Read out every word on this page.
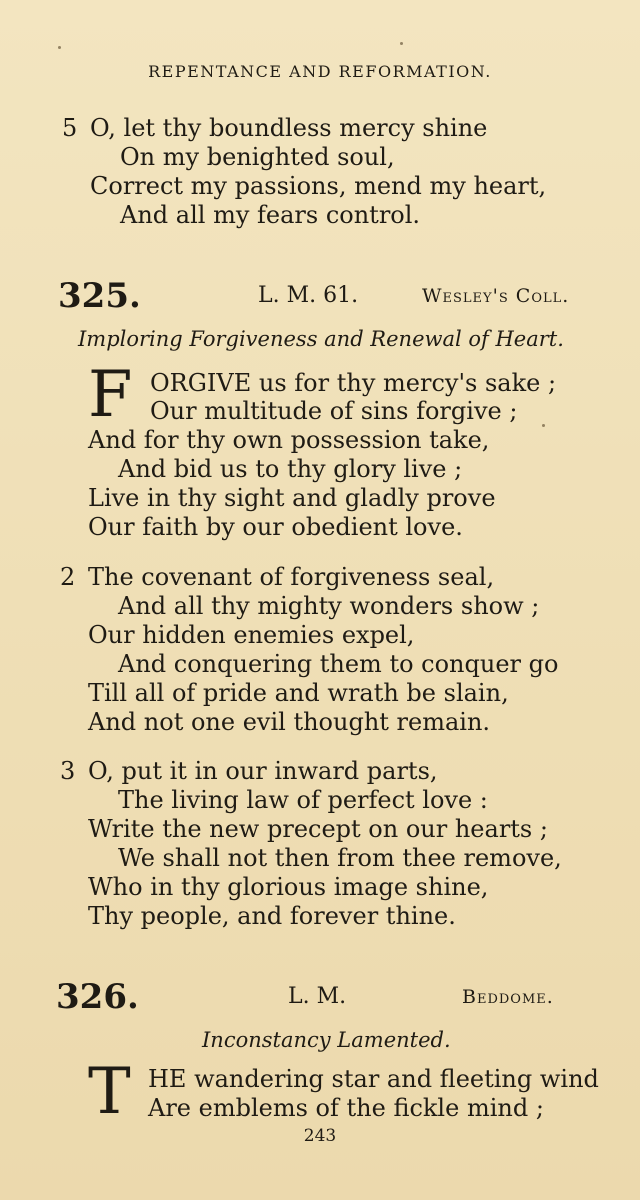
REPENTANCE AND REFORMATION.
5 O, let thy boundless mercy shine
On my benighted soul,
Correct my passions, mend my heart,
And all my fears control.
325.	L. M. 61.	Wesley's Coll.
Imploring Forgiveness and Renewal of Heart.
F ORGIVE us for thy mercy's sake ;
Our multitude of sins forgive ;
And for thy own possession take,
And bid us to thy glory live ;
Live in thy sight and gladly prove
Our faith by our obedient love.
2 The covenant of forgiveness seal,
And all thy mighty wonders show ;
Our hidden enemies expel,
And conquering them to conquer go
Till all of pride and wrath be slain,
And not one evil thought remain.
3 O, put it in our inward parts,
The living law of perfect love :
Write the new precept on our hearts ;
We shall not then from thee remove,
Who in thy glorious image shine,
Thy people, and forever thine.
326.	L. M.	Beddome.
Inconstancy Lamented.
T HE wandering star and fleeting wind
Are emblems of the fickle mind ;
243
